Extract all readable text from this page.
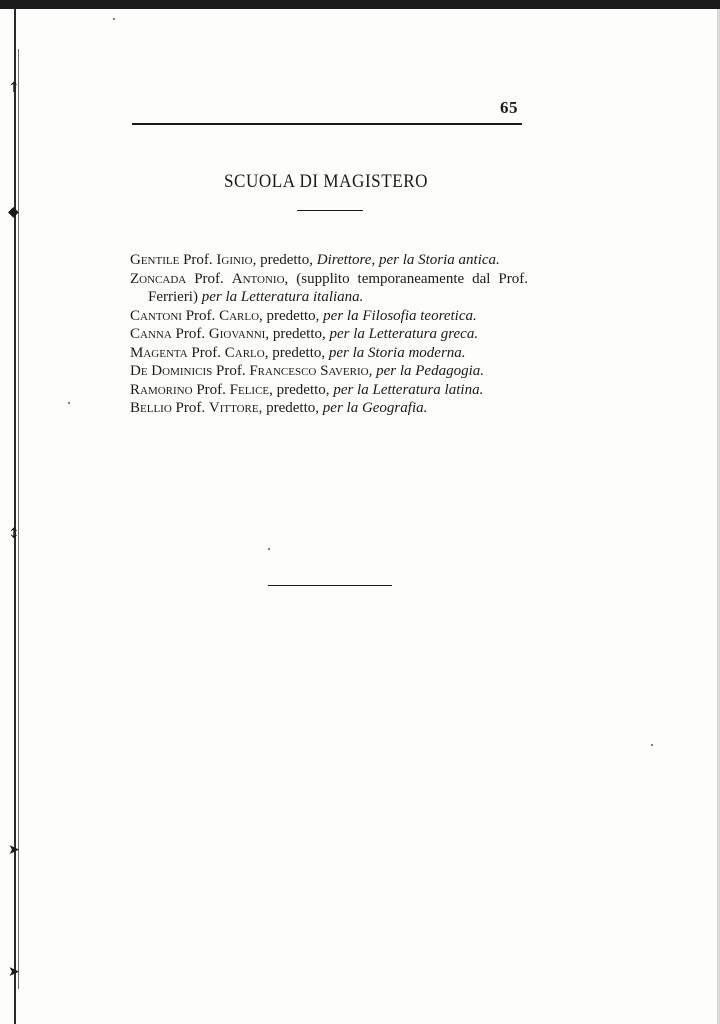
↑
◆
↕
➤
➤
65
SCUOLA DI MAGISTERO
Gentile Prof. Iginio, predetto, Direttore, per la Storia antica.
Zoncada Prof. Antonio, (supplito temporaneamente dal Prof. Ferrieri) per la Letteratura italiana.
Cantoni Prof. Carlo, predetto, per la Filosofia teoretica.
Canna Prof. Giovanni, predetto, per la Letteratura greca.
Magenta Prof. Carlo, predetto, per la Storia moderna.
De Dominicis Prof. Francesco Saverio, per la Pedagogia.
Ramorino Prof. Felice, predetto, per la Letteratura latina.
Bellio Prof. Vittore, predetto, per la Geografia.
